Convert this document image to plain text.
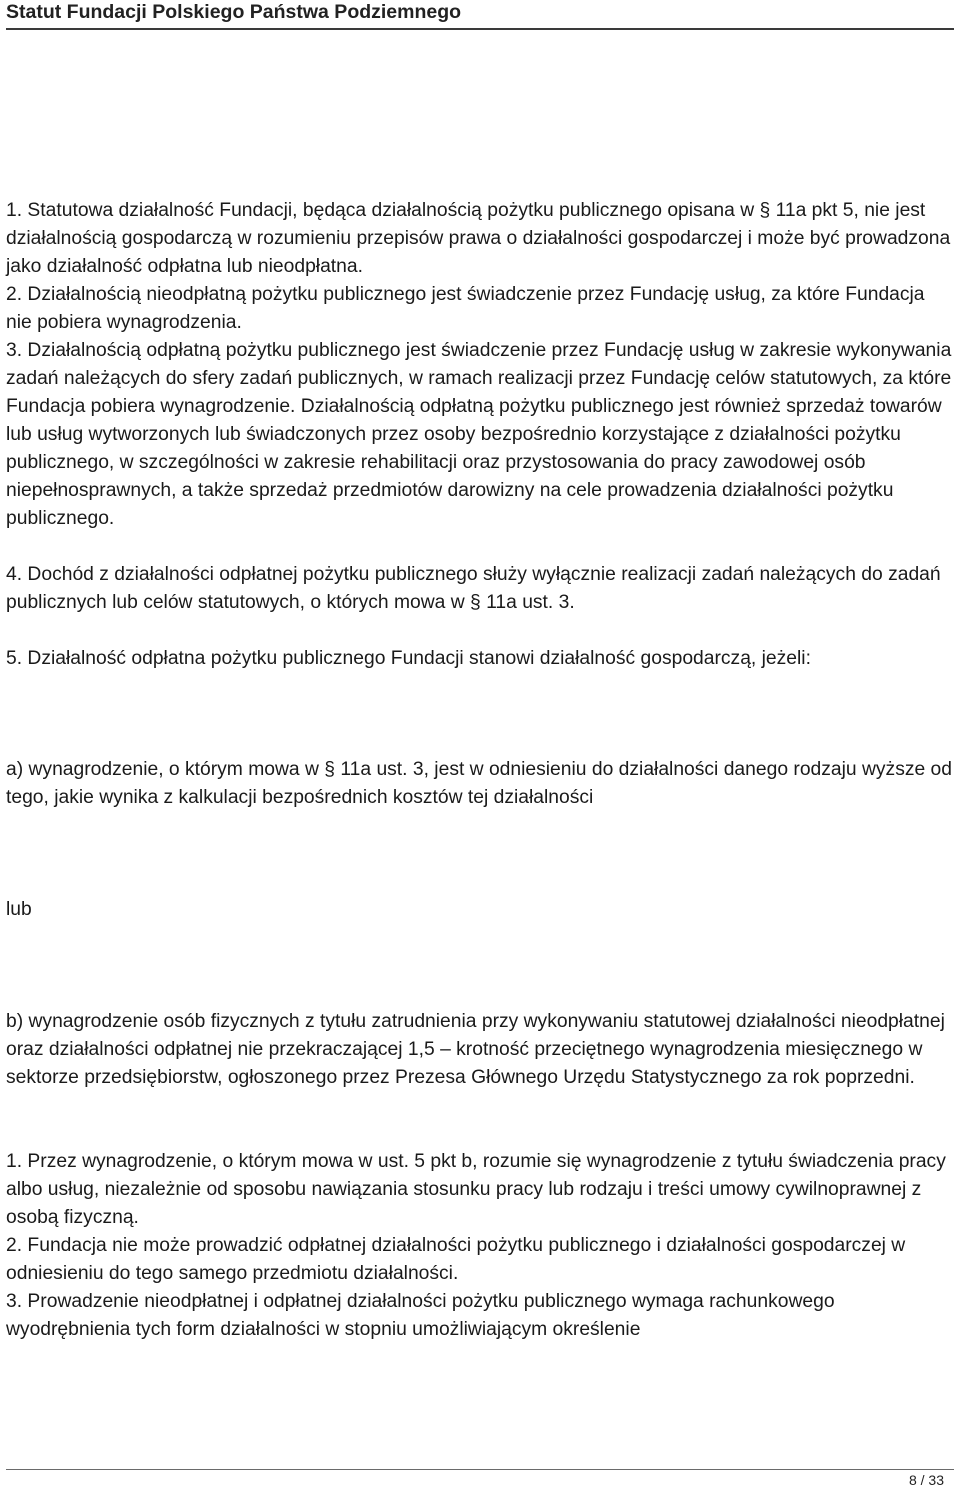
Statut Fundacji Polskiego Państwa Podziemnego

1. Statutowa działalność Fundacji, będąca działalnością pożytku publicznego opisana w § 11a pkt 5, nie jest działalnością gospodarczą w rozumieniu przepisów prawa o działalności gospodarczej i może być prowadzona jako działalność odpłatna lub nieodpłatna.

2. Działalnością nieodpłatną pożytku publicznego jest świadczenie przez Fundację usług, za które Fundacja nie pobiera wynagrodzenia.

3. Działalnością odpłatną pożytku publicznego jest świadczenie przez Fundację usług w zakresie wykonywania zadań należących do sfery zadań publicznych, w ramach realizacji przez Fundację celów statutowych, za które Fundacja pobiera wynagrodzenie. Działalnością odpłatną pożytku publicznego jest również sprzedaż towarów lub usług wytworzonych lub świadczonych przez osoby bezpośrednio korzystające z działalności pożytku publicznego, w szczególności w zakresie rehabilitacji oraz przystosowania do pracy zawodowej osób niepełnosprawnych, a także sprzedaż przedmiotów darowizny na cele prowadzenia działalności pożytku publicznego.

4. Dochód z działalności odpłatnej pożytku publicznego służy wyłącznie realizacji zadań należących do zadań publicznych lub celów statutowych, o których mowa w § 11a ust. 3.

5. Działalność odpłatna pożytku publicznego Fundacji stanowi działalność gospodarczą, jeżeli:

a) wynagrodzenie, o którym mowa w § 11a ust. 3, jest w odniesieniu do działalności danego rodzaju wyższe od tego, jakie wynika z kalkulacji bezpośrednich kosztów tej działalności

lub

b) wynagrodzenie osób fizycznych z tytułu zatrudnienia przy wykonywaniu statutowej działalności nieodpłatnej oraz działalności odpłatnej nie przekraczającej 1,5 – krotność przeciętnego wynagrodzenia miesięcznego w sektorze przedsiębiorstw, ogłoszonego przez Prezesa Głównego Urzędu Statystycznego za rok poprzedni.

1. Przez wynagrodzenie, o którym mowa w ust. 5 pkt b, rozumie się wynagrodzenie z tytułu świadczenia pracy albo usług, niezależnie od sposobu nawiązania stosunku pracy lub rodzaju i treści umowy cywilnoprawnej z osobą fizyczną.

2. Fundacja nie może prowadzić odpłatnej działalności pożytku publicznego i działalności gospodarczej w odniesieniu do tego samego przedmiotu działalności.

3. Prowadzenie nieodpłatnej i odpłatnej działalności pożytku publicznego wymaga rachunkowego wyodrębnienia tych form działalności w stopniu umożliwiającym określenie

8 / 33
